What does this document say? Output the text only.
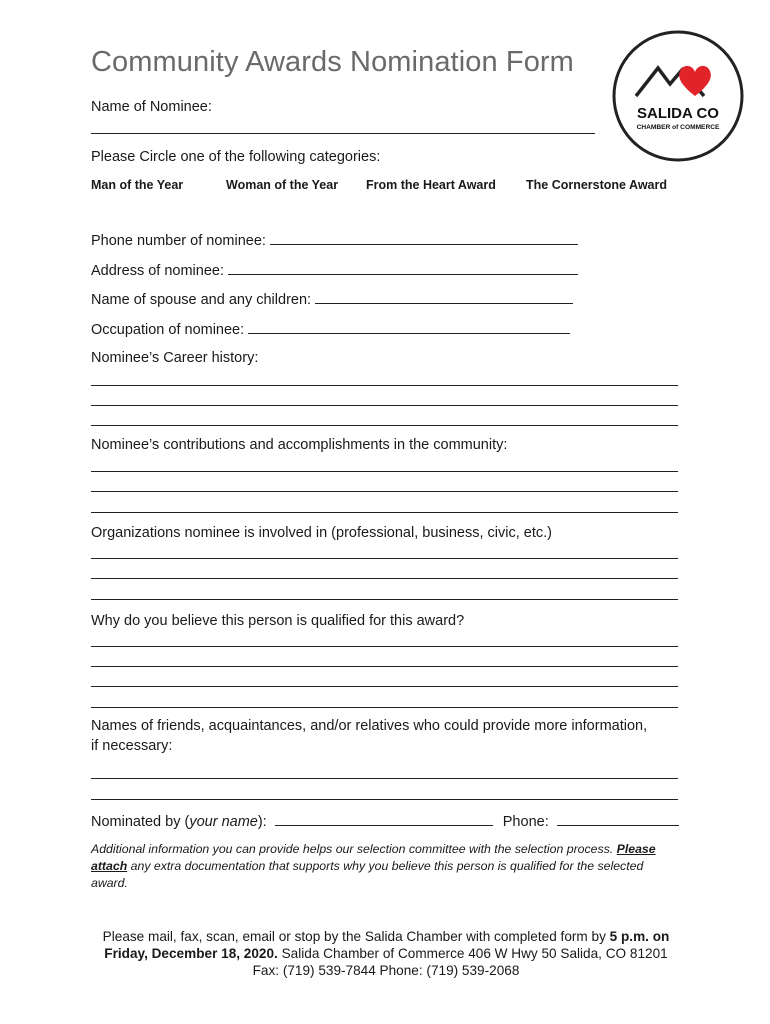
Community Awards Nomination Form
SALIDA CO
CHAMBER of COMMERCE
Name of Nominee:
Please Circle one of the following categories:
Man of the Year	Woman of the Year From the Heart Award The Cornerstone Award
Phone number of nominee:
Address of nominee:
Name of spouse and any children:
Occupation of nominee:
Nominee’s Career history:
Nominee’s contributions and accomplishments in the community:
Organizations nominee is involved in (professional, business, civic, etc.)
Why do you believe this person is qualified for this award?
Names of friends, acquaintances, and/or relatives who could provide more information,
if necessary:
Nominated by (your name):	Phone:
Additional information you can provide helps our selection committee with the selection process. Please attach any extra documentation that supports why you believe this person is qualified for the selected award.
Please mail, fax, scan, email or stop by the Salida Chamber with completed form by 5 p.m. on
Friday, December 18, 2020. Salida Chamber of Commerce 406 W Hwy 50 Salida, CO 81201
Fax: (719) 539-7844 Phone: (719) 539-2068
